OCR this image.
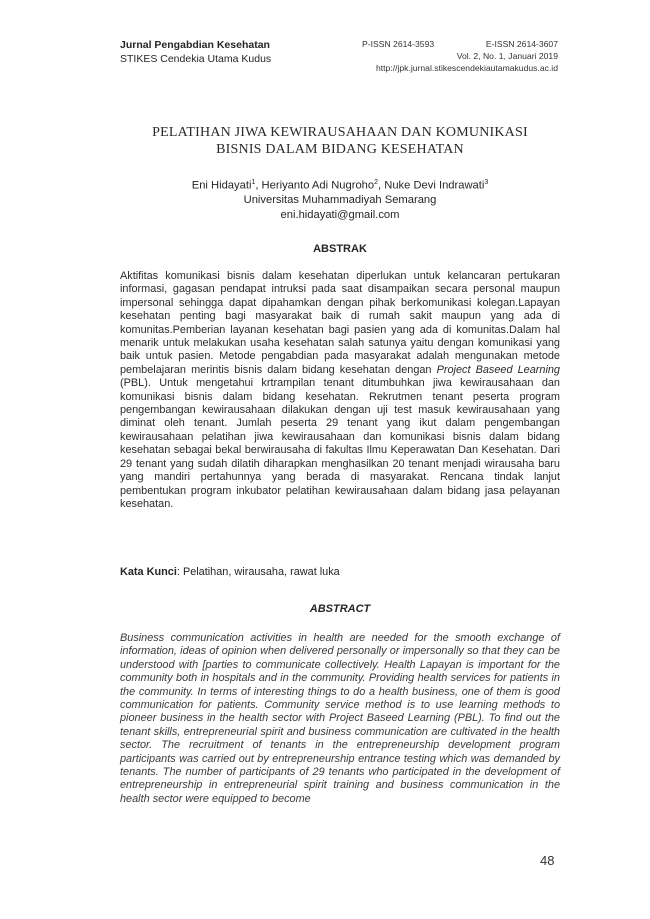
Jurnal Pengabdian Kesehatan
STIKES Cendekia Utama Kudus
P-ISSN 2614-3593	E-ISSN 2614-3607
Vol. 2, No. 1, Januari 2019
http://jpk.jurnal.stikescendekiautamakudus.ac.id
PELATIHAN JIWA KEWIRAUSAHAAN DAN KOMUNIKASI
BISNIS DALAM BIDANG KESEHATAN
Eni Hidayati$^1$, Heriyanto Adi Nugroho$^2$, Nuke Devi Indrawati$^3$
Universitas Muhammadiyah Semarang
eni.hidayati@gmail.com
ABSTRAK
Aktifitas komunikasi bisnis dalam kesehatan diperlukan untuk kelancaran pertukaran informasi, gagasan pendapat intruksi pada saat disampaikan secara personal maupun impersonal sehingga dapat dipahamkan dengan pihak berkomunikasi kolegan.Lapayan kesehatan penting bagi masyarakat baik di rumah sakit maupun yang ada di komunitas.Pemberian layanan kesehatan bagi pasien yang ada di komunitas.Dalam hal menarik untuk melakukan usaha kesehatan salah satunya yaitu dengan komunikasi yang baik untuk pasien. Metode pengabdian pada masyarakat adalah mengunakan metode pembelajaran merintis bisnis dalam bidang kesehatan dengan Project Baseed Learning (PBL). Untuk mengetahui krtrampilan tenant ditumbuhkan jiwa kewirausahaan dan komunikasi bisnis dalam bidang kesehatan. Rekrutmen tenant peserta program pengembangan kewirausahaan dilakukan dengan uji test masuk kewirausahaan yang diminat oleh tenant. Jumlah peserta 29 tenant yang ikut dalam pengembangan kewirausahaan pelatihan jiwa kewirausahaan dan komunikasi bisnis dalam bidang kesehatan sebagai bekal berwirausaha di fakultas Ilmu Keperawatan Dan Kesehatan. Dari 29 tenant yang sudah dilatih diharapkan menghasilkan 20 tenant menjadi wirausaha baru yang mandiri pertahunnya yang berada di masyarakat. Rencana tindak lanjut pembentukan program inkubator pelatihan kewirausahaan dalam bidang jasa pelayanan kesehatan.
Kata Kunci: Pelatihan, wirausaha, rawat luka
ABSTRACT
Business communication activities in health are needed for the smooth exchange of information, ideas of opinion when delivered personally or impersonally so that they can be understood with [parties to communicate collectively. Health Lapayan is important for the community both in hospitals and in the community. Providing health services for patients in the community. In terms of interesting things to do a health business, one of them is good communication for patients. Community service method is to use learning methods to pioneer business in the health sector with Project Baseed Learning (PBL). To find out the tenant skills, entrepreneurial spirit and business communication are cultivated in the health sector. The recruitment of tenants in the entrepreneurship development program participants was carried out by entrepreneurship entrance testing which was demanded by tenants. The number of participants of 29 tenants who participated in the development of entrepreneurship in entrepreneurial spirit training and business communication in the health sector were equipped to become
48
